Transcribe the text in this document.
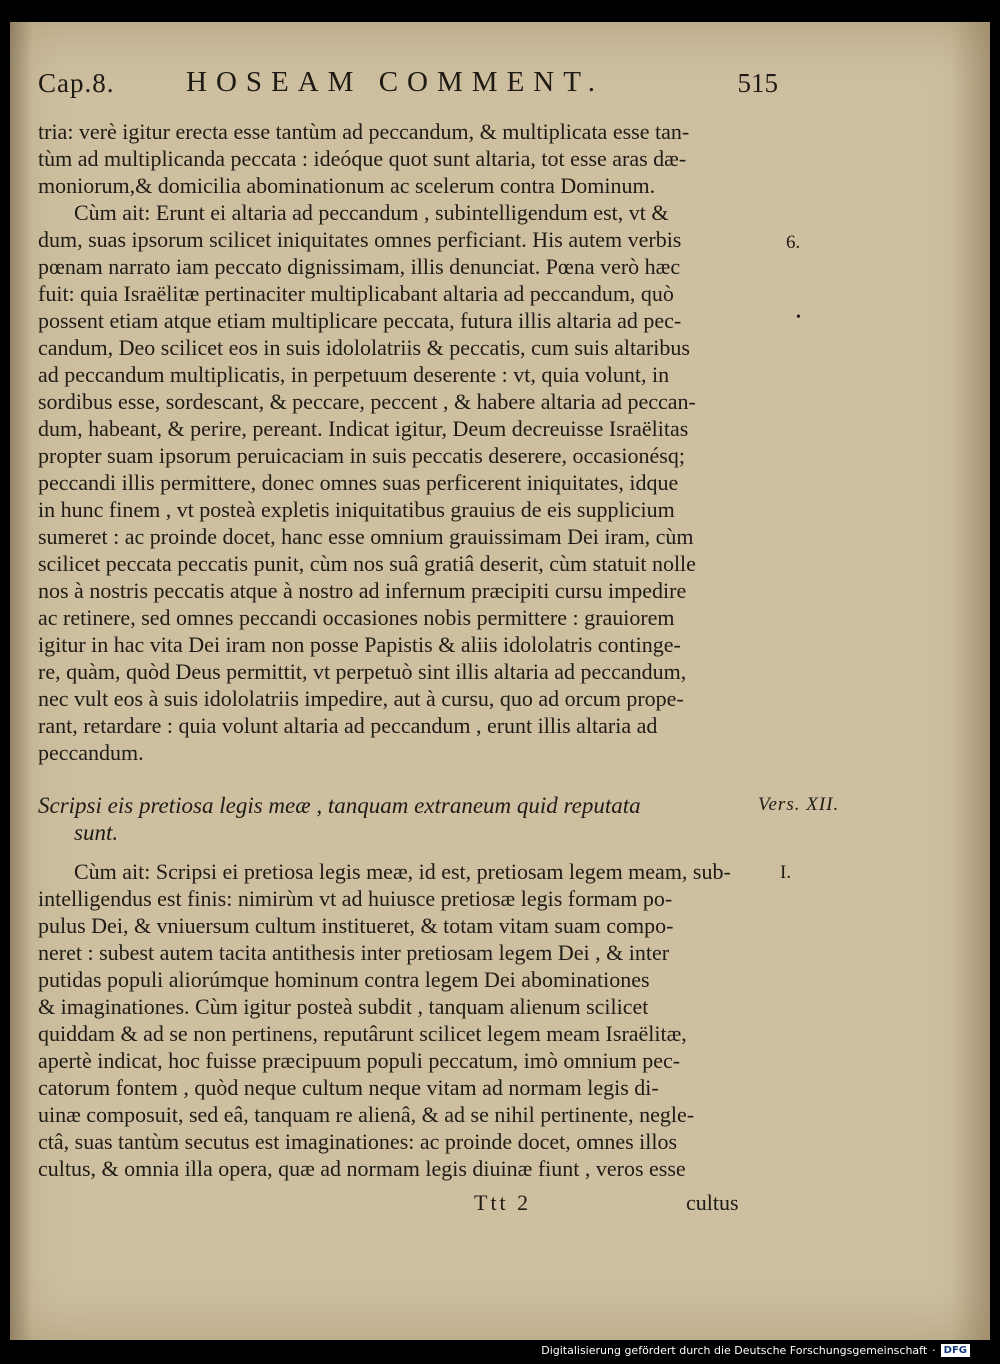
Cap.8. HOSEAM COMMENT.	515
tria: verè igitur erecta esse tantùm ad peccandum, & multiplicata esse tan-
tùm ad multiplicanda peccata : ideóque quot sunt altaria, tot esse aras dæ-
moniorum,& domicilia abominationum ac scelerum contra Dominum.
Cùm ait: Erunt ei altaria ad peccandum , subintelligendum est, vt &
dum, suas ipsorum scilicet iniquitates omnes perficiant. His autem verbis
pœnam narrato iam peccato dignissimam, illis denunciat. Pœna verò hæc
fuit: quia Israëlitæ pertinaciter multiplicabant altaria ad peccandum, quò
possent etiam atque etiam multiplicare peccata, futura illis altaria ad pec-
candum, Deo scilicet eos in suis idololatriis & peccatis, cum suis altaribus
ad peccandum multiplicatis, in perpetuum deserente : vt, quia volunt, in
sordibus esse, sordescant, & peccare, peccent , & habere altaria ad peccan-
dum, habeant, & perire, pereant. Indicat igitur, Deum decreuisse Israëlitas
propter suam ipsorum peruicaciam in suis peccatis deserere, occasionésq;
peccandi illis permittere, donec omnes suas perficerent iniquitates, idque
in hunc finem , vt posteà expletis iniquitatibus grauius de eis supplicium
sumeret : ac proinde docet, hanc esse omnium grauissimam Dei iram, cùm
scilicet peccata peccatis punit, cùm nos suâ gratiâ deserit, cùm statuit nolle
nos à nostris peccatis atque à nostro ad infernum præcipiti cursu impedire
ac retinere, sed omnes peccandi occasiones nobis permittere : grauiorem
igitur in hac vita Dei iram non posse Papistis & aliis idololatris continge-
re, quàm, quòd Deus permittit, vt perpetuò sint illis altaria ad peccandum,
nec vult eos à suis idololatriis impedire, aut à cursu, quo ad orcum prope-
rant, retardare : quia volunt altaria ad peccandum , erunt illis altaria ad
peccandum.
Scripsi eis pretiosa legis meæ , tanquam extraneum quid reputata
sunt.
Cùm ait: Scripsi ei pretiosa legis meæ, id est, pretiosam legem meam, sub-
intelligendus est finis: nimirùm vt ad huiusce pretiosæ legis formam po-
pulus Dei, & vniuersum cultum institueret, & totam vitam suam compo-
neret : subest autem tacita antithesis inter pretiosam legem Dei , & inter
putidas populi aliorúmque hominum contra legem Dei abominationes
& imaginationes. Cùm igitur posteà subdit , tanquam alienum scilicet
quiddam & ad se non pertinens, reputârunt scilicet legem meam Israëlitæ,
apertè indicat, hoc fuisse præcipuum populi peccatum, imò omnium pec-
catorum fontem , quòd neque cultum neque vitam ad normam legis di-
uinæ composuit, sed eâ, tanquam re alienâ, & ad se nihil pertinente, negle-
ctâ, suas tantùm secutus est imaginationes: ac proinde docet, omnes illos
cultus, & omnia illa opera, quæ ad normam legis diuinæ fiunt , veros esse
6.
•
Vers. XII.
I.
Ttt 2	cultus
Digitalisierung gefördert durch die Deutsche Forschungsgemeinschaft · DFG
